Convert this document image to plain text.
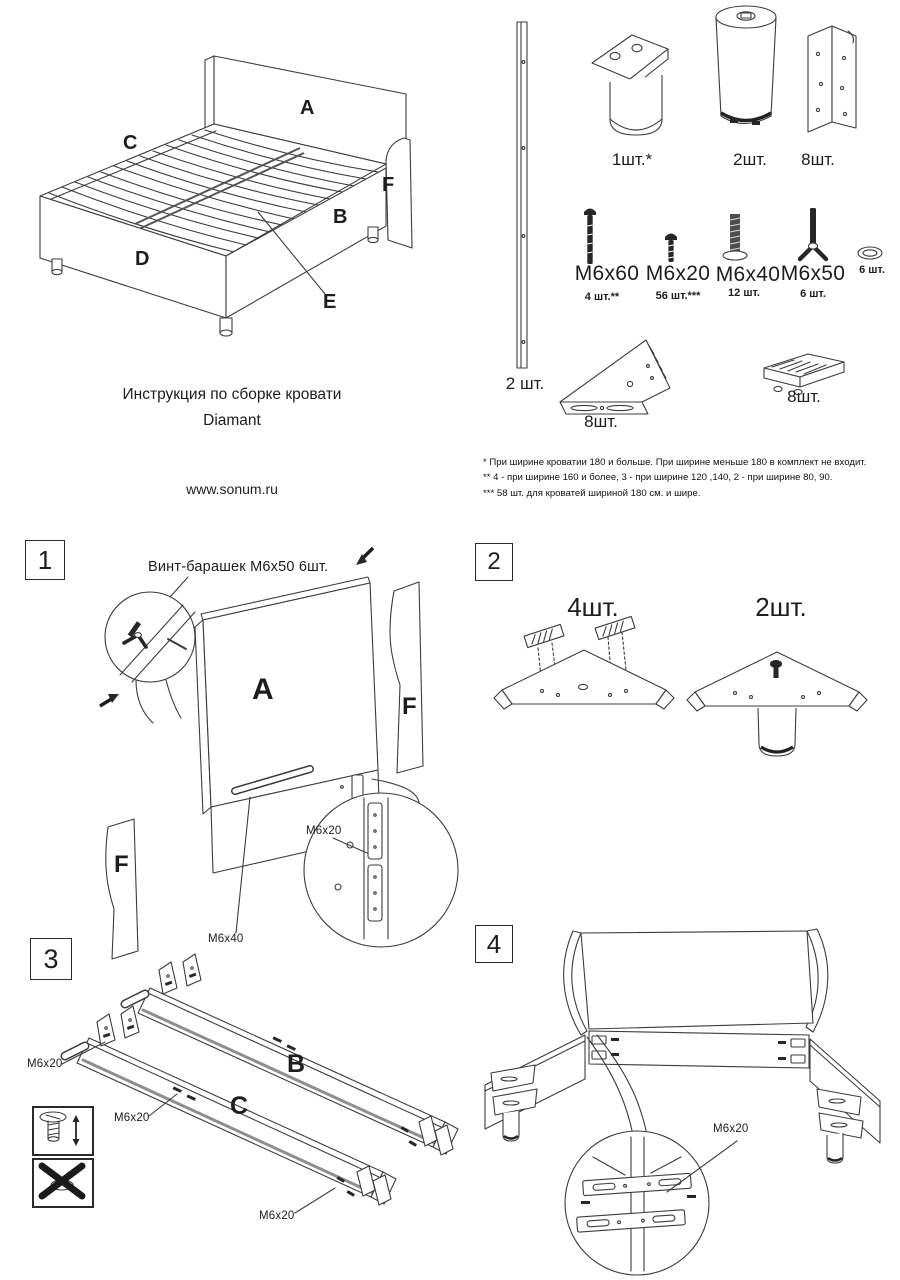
A
C
F
B
D
E
Инструкция по сборке кровати
Diamant
www.sonum.ru
1шт.*	2шт.	8шт.
M6x60 M6x20 M6x40 M6x50
4 шт.**	56 шт.***	12 шт.	6 шт.
6 шт.
2 шт.
8шт.
8шт.
* При ширине кроватии 180 и больше. При ширине меньше 180 в комплект не входит.
** 4 - при ширине 160 и более, 3 - при ширине 120 ,140, 2 - при ширине 80, 90.
*** 58 шт. для кроватей шириной 180 см. и шире.
1	Винт-барашек М6х50 6шт.
A
F
F
M6x20
M6x40
2
4шт.	2шт.
3
M6x20
M6x20
M6x20
B
C
4
M6x20
